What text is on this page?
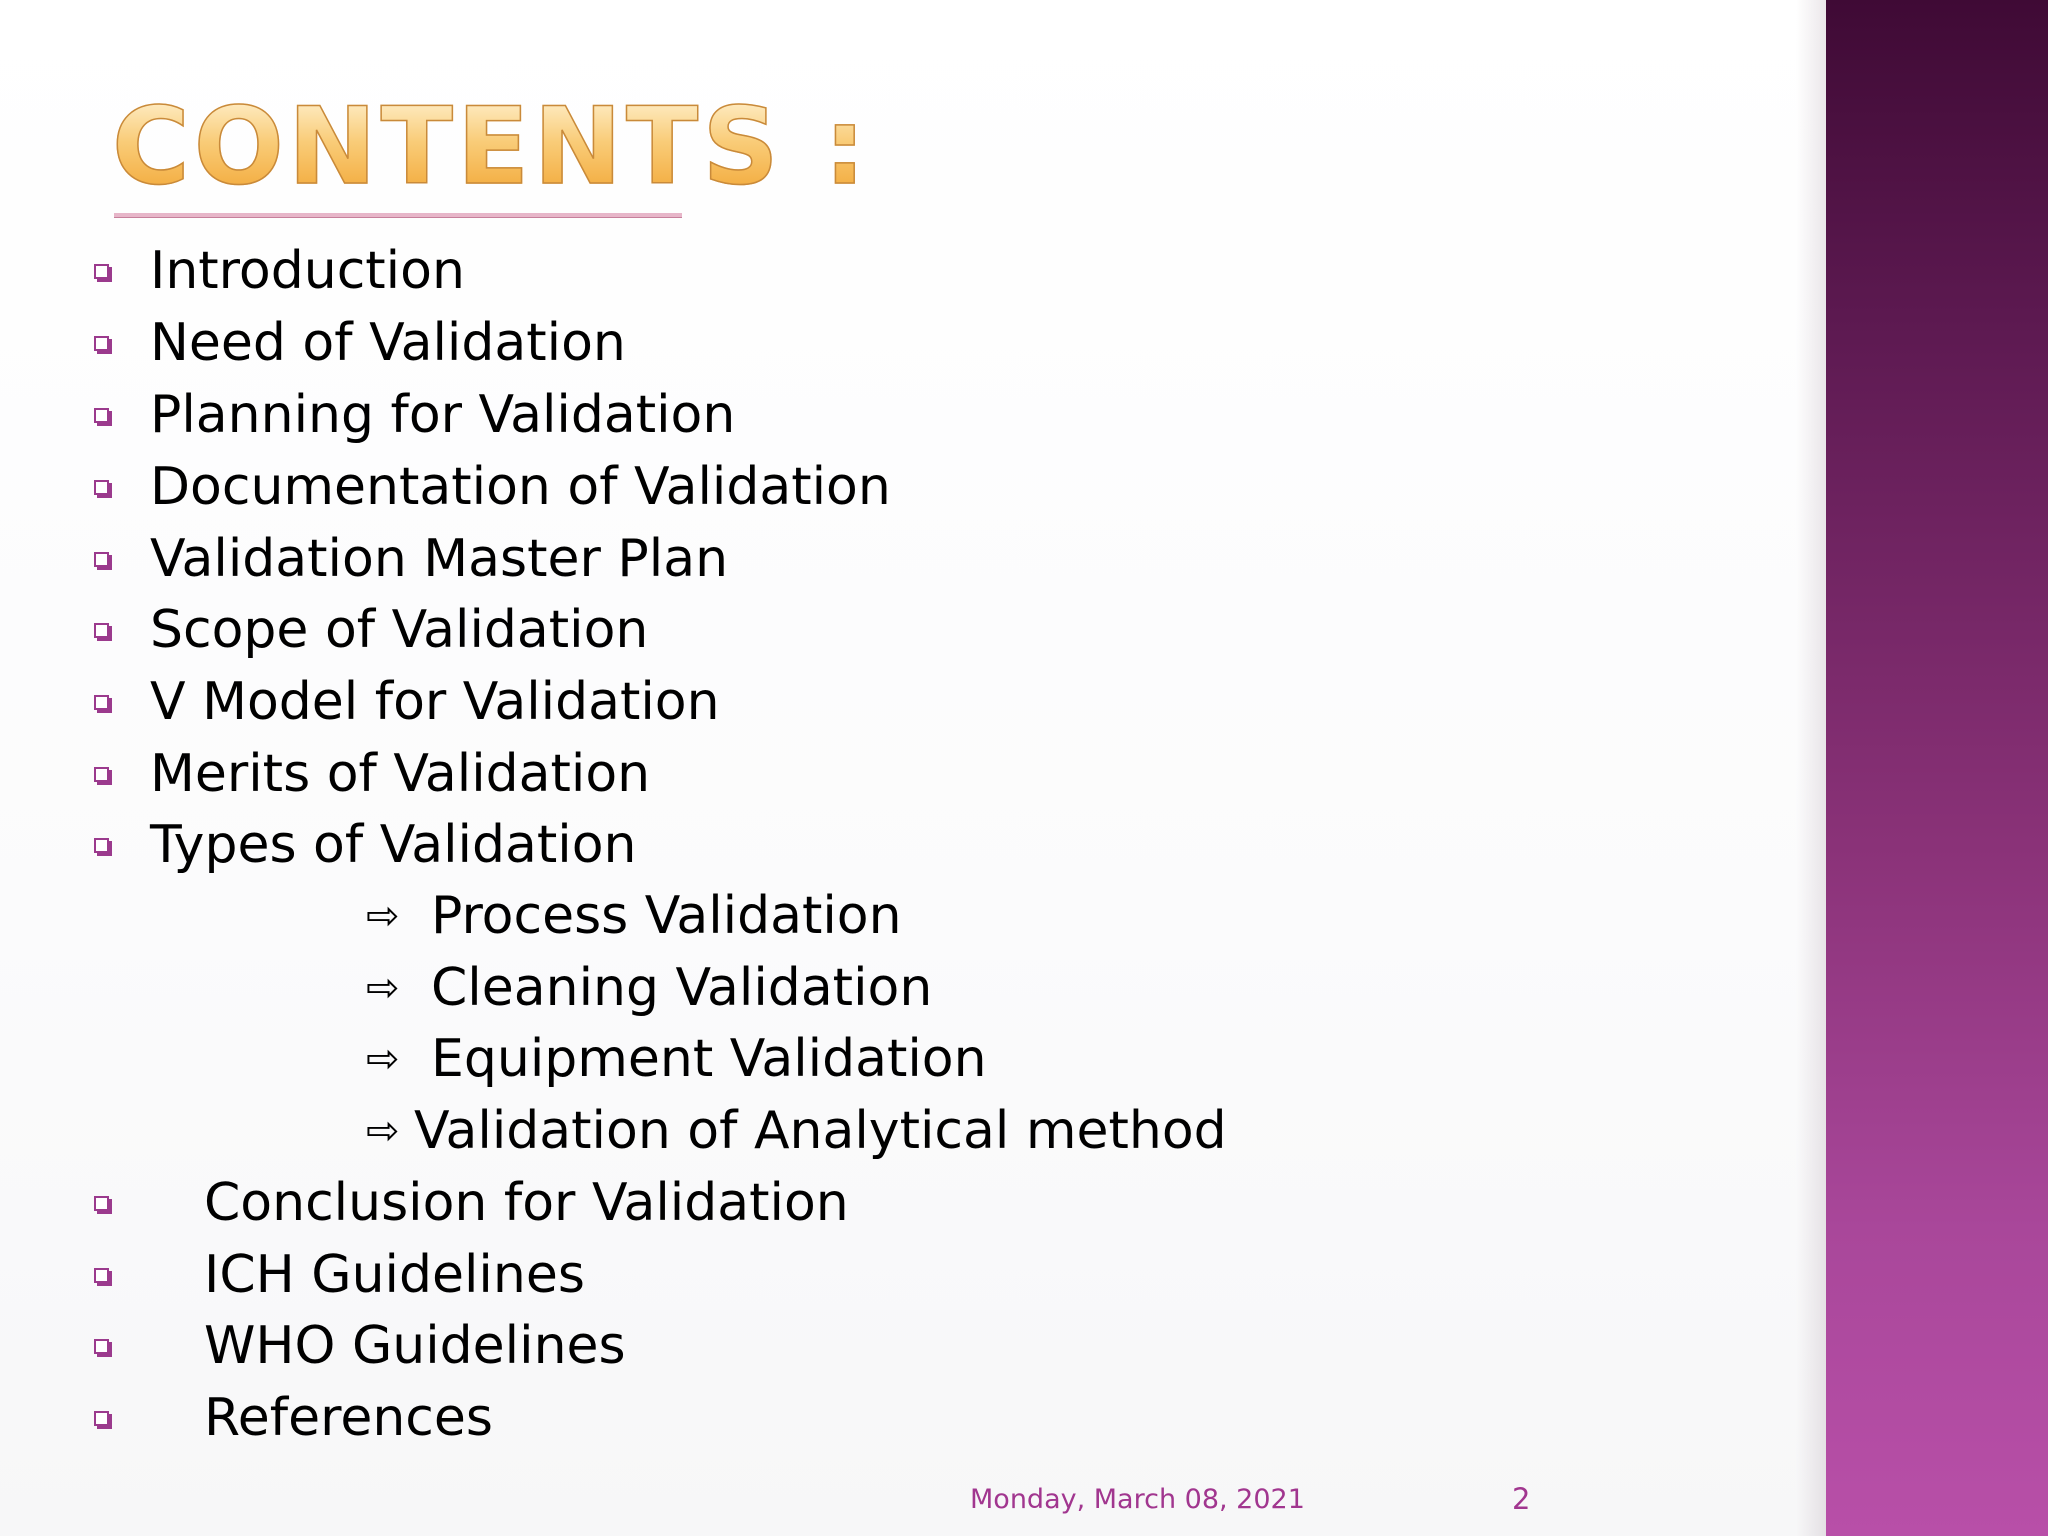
CONTENTS :
Introduction
Need of Validation
Planning for Validation
Documentation of Validation
Validation Master Plan
Scope of Validation
V Model for Validation
Merits of Validation
Types of Validation
⇨ Process Validation
⇨ Cleaning Validation
⇨ Equipment Validation
⇨ Validation of Analytical method
Conclusion for Validation
ICH Guidelines
WHO Guidelines
References
Monday, March 08, 2021	2
